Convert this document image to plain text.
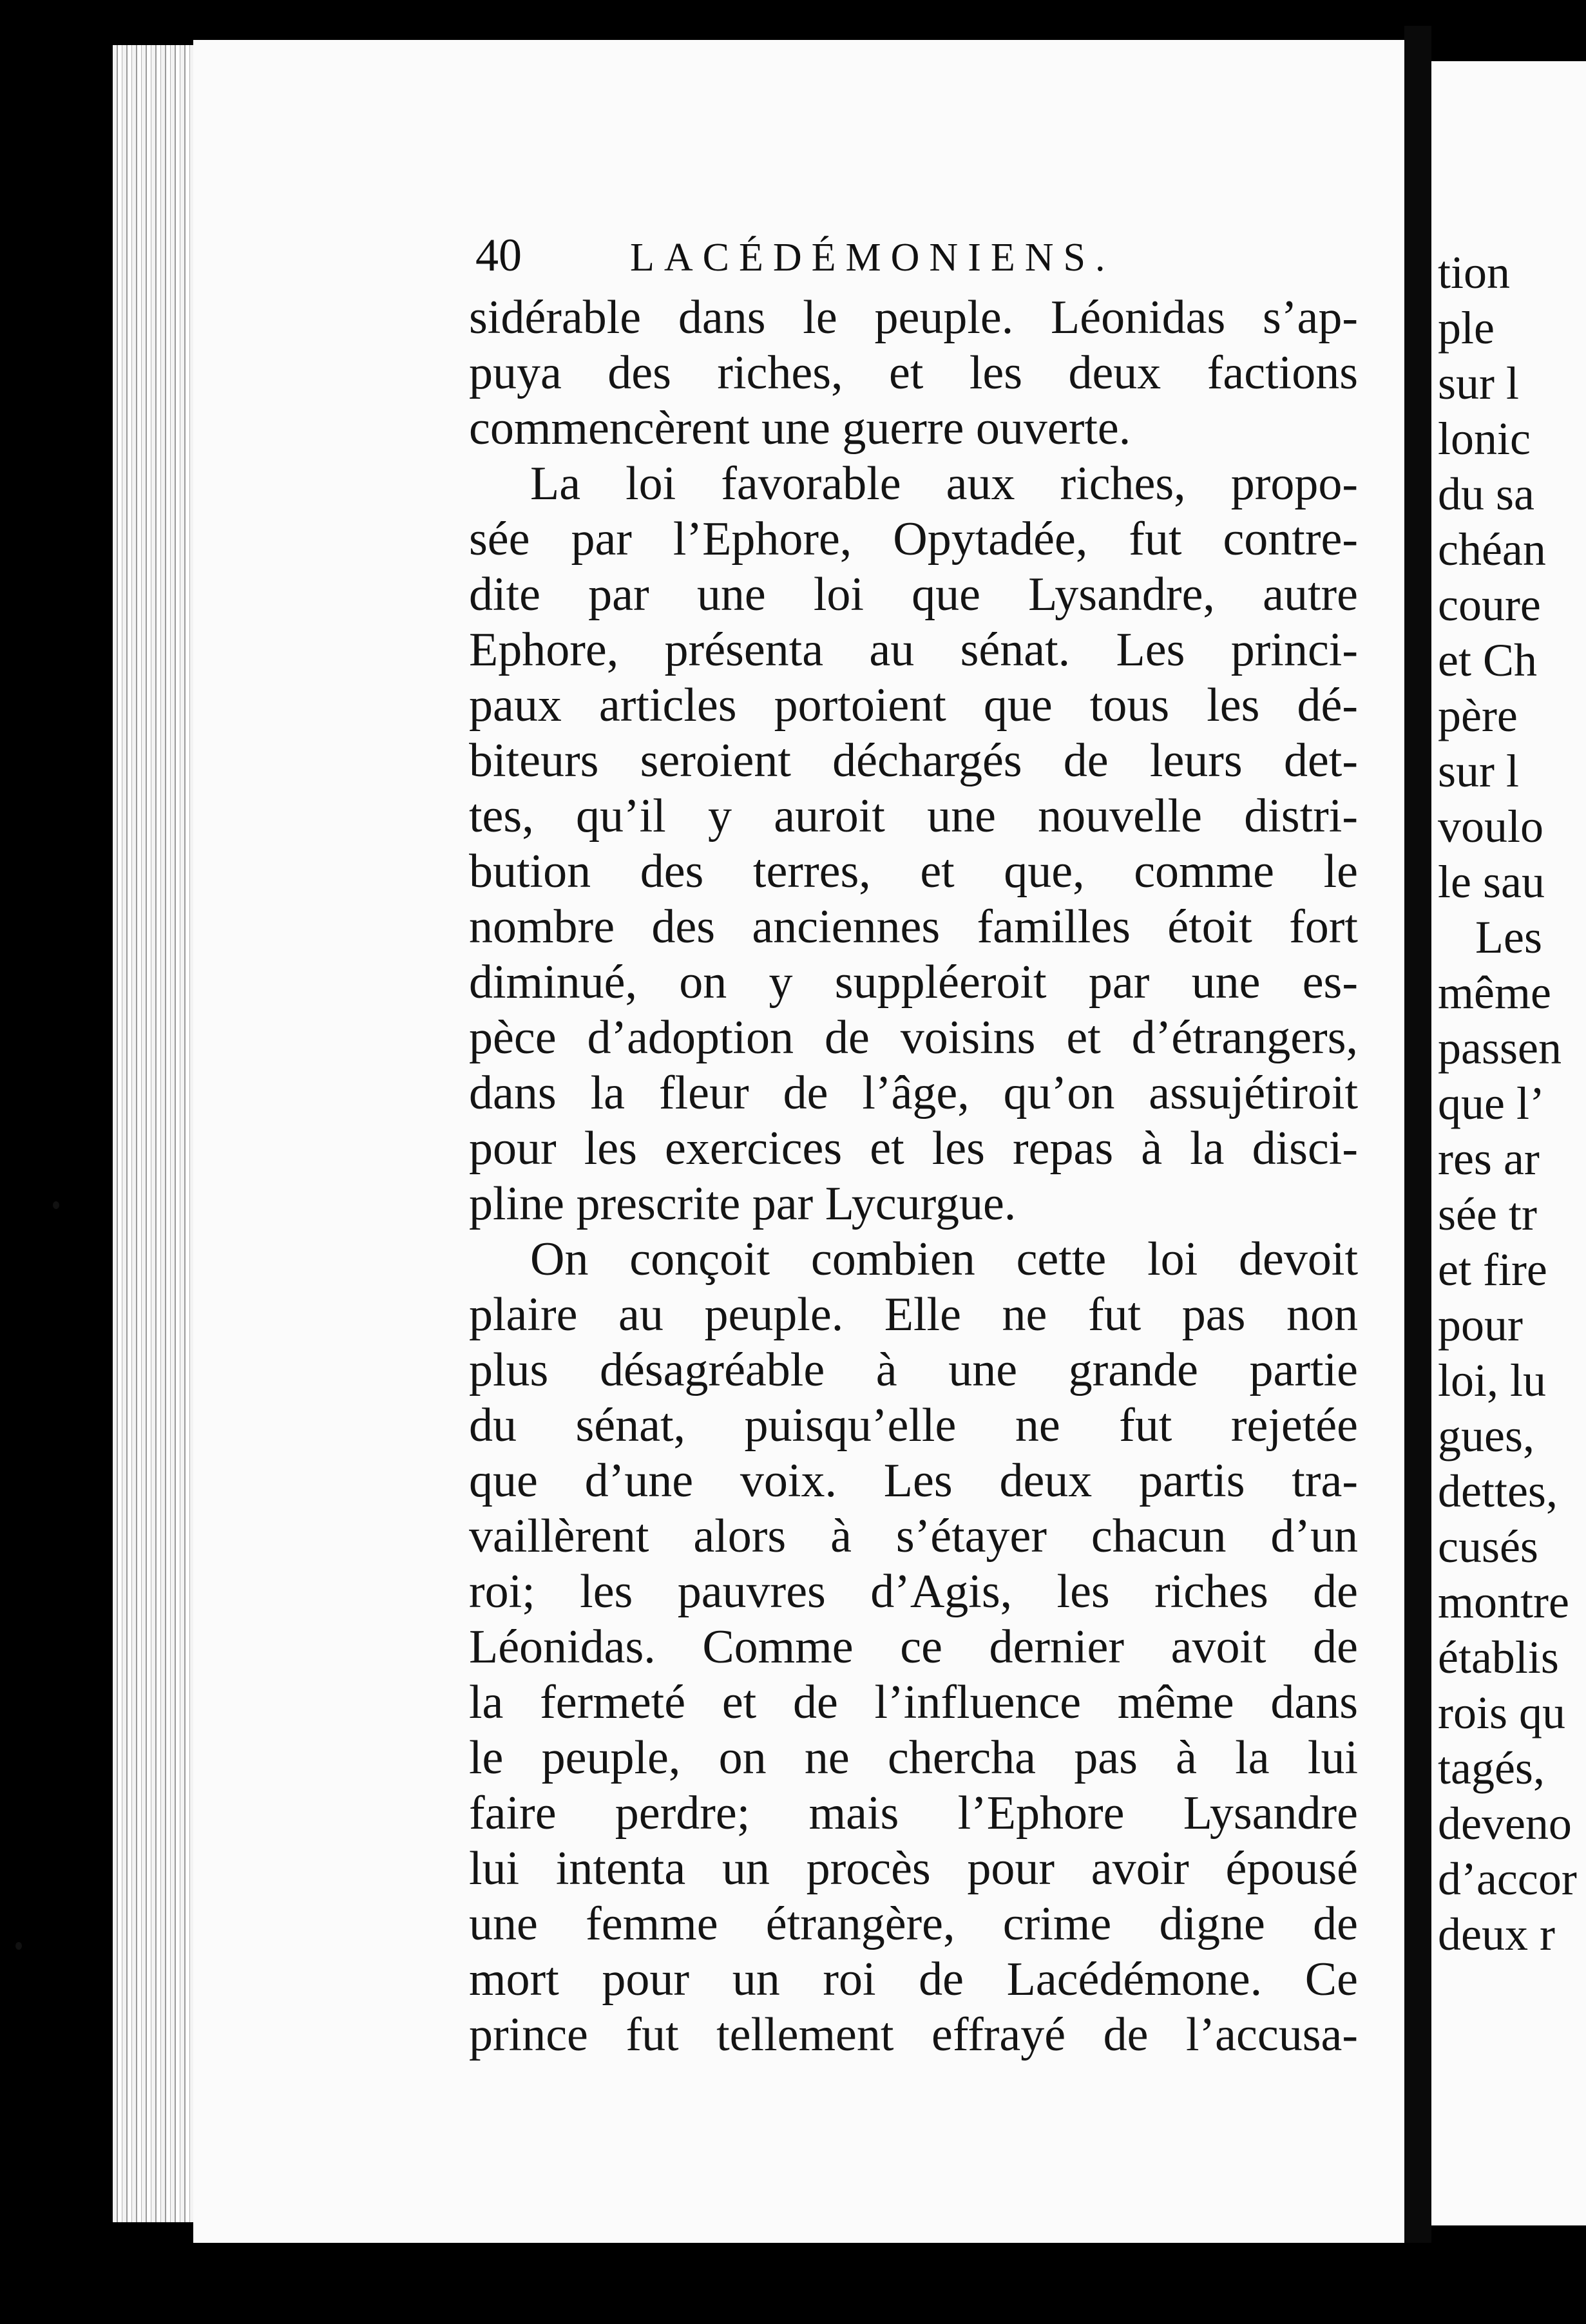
40	LACÉDÉMONIENS.
sidérable dans le peuple. Léonidas s’ap-
puya des riches, et les deux factions
commencèrent une guerre ouverte.
La loi favorable aux riches, propo-
sée par l’Ephore, Opytadée, fut contre-
dite par une loi que Lysandre, autre
Ephore, présenta au sénat. Les princi-
paux articles portoient que tous les dé-
biteurs seroient déchargés de leurs det-
tes, qu’il y auroit une nouvelle distri-
bution des terres, et que, comme le
nombre des anciennes familles étoit fort
diminué, on y suppléeroit par une es-
pèce d’adoption de voisins et d’étrangers,
dans la fleur de l’âge, qu’on assujétiroit
pour les exercices et les repas à la disci-
pline prescrite par Lycurgue.
On conçoit combien cette loi devoit
plaire au peuple. Elle ne fut pas non
plus désagréable à une grande partie
du sénat, puisqu’elle ne fut rejetée
que d’une voix. Les deux partis tra-
vaillèrent alors à s’étayer chacun d’un
roi; les pauvres d’Agis, les riches de
Léonidas. Comme ce dernier avoit de
la fermeté et de l’influence même dans
le peuple, on ne chercha pas à la lui
faire perdre; mais l’Ephore Lysandre
lui intenta un procès pour avoir épousé
une femme étrangère, crime digne de
mort pour un roi de Lacédémone. Ce
prince fut tellement effrayé de l’accusa-
tion
ple
sur l
lonic
du sa
chéan
coure
et Ch
père
sur l
voulo
le sau
Les
même
passen
que l’
res ar
sée tr
et fire
pour
loi, lu
gues,
dettes,
cusés
montre
établis
rois qu
tagés,
deveno
d’accor
deux r
